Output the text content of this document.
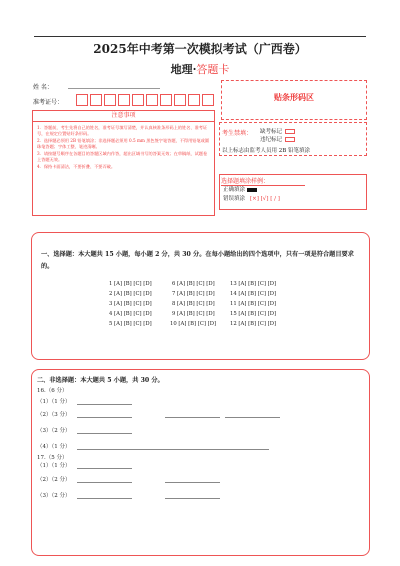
2025年中考第一次模拟考试（广西卷）
地理·答题卡
姓 名：
准考证号：
注意事项
1．答题前，考生先将自己的姓名，准考证号填写清楚，并认真核准条形码上的姓名、准考证号，在规定位置贴好条形码。
2．选择题必须用 2B 铅笔填涂；非选择题必须用 0.5 mm 黑色签字笔答题，不得用铅笔或圆珠笔答题；字体工整、笔迹清晰。
3．请按题号顺序在各题目的答题区域内作答，超出区域书写的答案无效；在草稿纸、试题卷上答题无效。
4．保持卡面清洁，不要折叠、不要弄破。
贴条形码区
考生禁填： 缺考标记
违纪标记
以上标志由监考人员用 2B 铅笔填涂
选择题填涂样例：
正确填涂
错误填涂 [×] [√] [ / ]
一、选择题：本大题共 15 小题，每小题 2 分，共 30 分。在每小题给出的四个选项中，只有一项是符合题目要求的。
1 [A] [B] [C] [D]	6 [A] [B] [C] [D]	13 [A] [B] [C] [D]
2 [A] [B] [C] [D]	7 [A] [B] [C] [D]	14 [A] [B] [C] [D]
3 [A] [B] [C] [D]	8 [A] [B] [C] [D]	11 [A] [B] [C] [D]
4 [A] [B] [C] [D]	9 [A] [B] [C] [D]	15 [A] [B] [C] [D]
5 [A] [B] [C] [D]	10 [A] [B] [C] [D]	12 [A] [B] [C] [D]
二、非选择题：本大题共 5 小题，共 30 分。
16.（6 分）
（1）（1 分）
（2）（3 分）
（3）（2 分）
（4）（1 分）
17.（5 分）
（1）（1 分）
（2）（2 分）
（3）（2 分）
